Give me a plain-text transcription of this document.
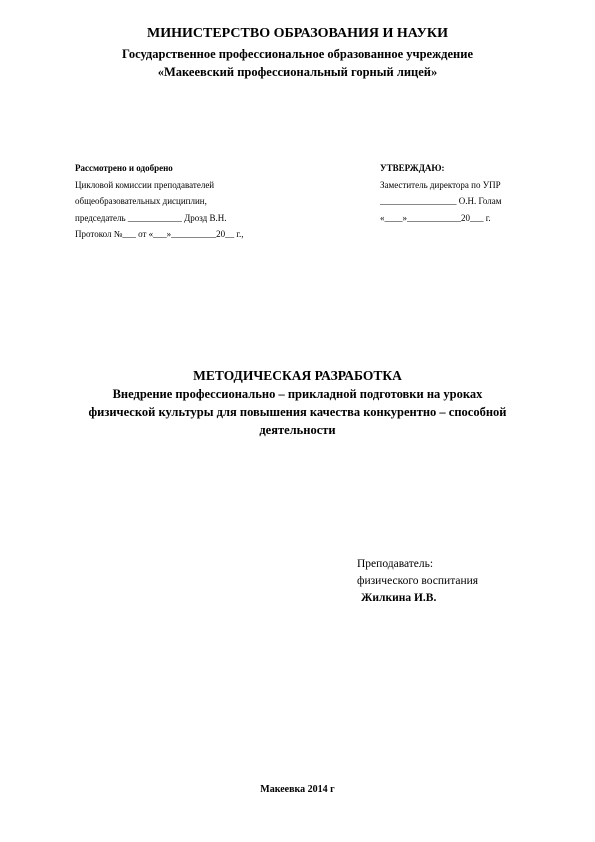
МИНИСТЕРСТВО ОБРАЗОВАНИЯ И НАУКИ
Государственное профессиональное образованное учреждение
«Макеевский профессиональный горный лицей»
Рассмотрено и одобрено
Цикловой комиссии преподавателей
общеобразовательных дисциплин,
председатель ____________ Дрозд В.Н.
Протокол №___ от «___»__________20__ г.,
УТВЕРЖДАЮ:
Заместитель директора по УПР
_________________ О.Н. Голам
«____»____________20___ г.
МЕТОДИЧЕСКАЯ РАЗРАБОТКА
Внедрение профессионально – прикладной подготовки на уроках
физической культуры для повышения качества конкурентно – способной
деятельности
Преподаватель:
физического воспитания
Жилкина И.В.
Макеевка 2014 г
